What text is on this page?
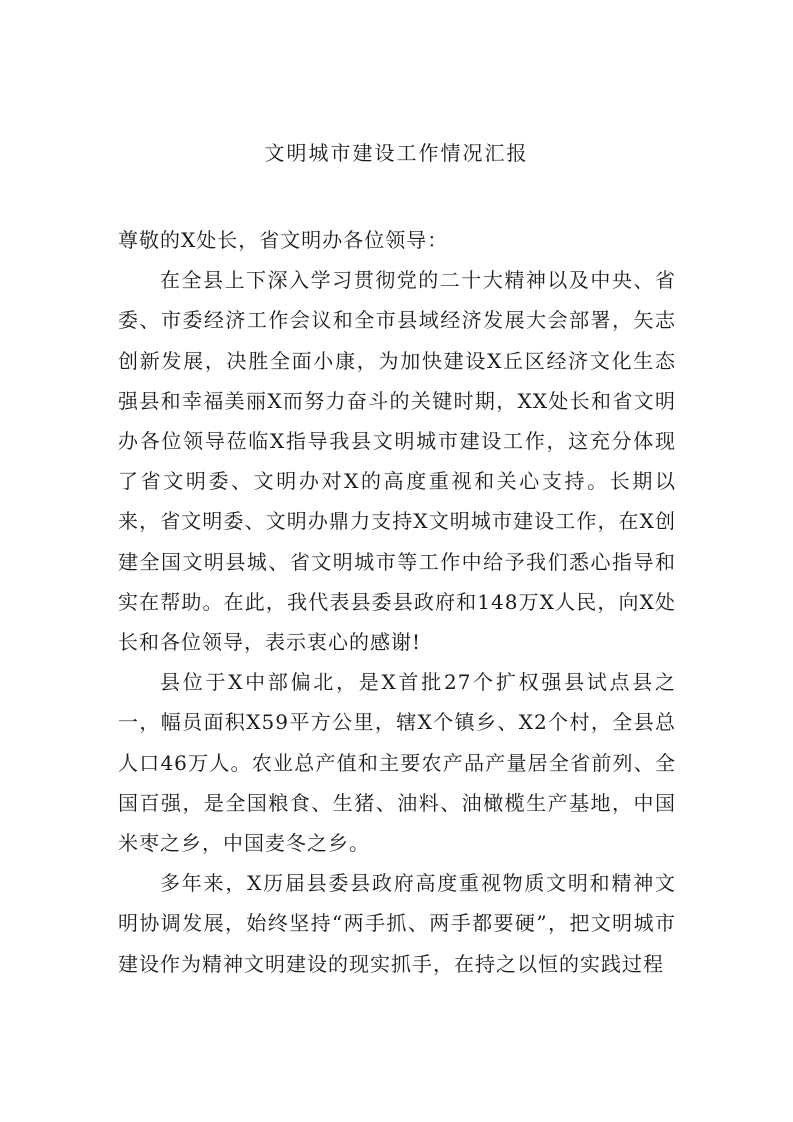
文明城市建设工作情况汇报

尊敬的X处长，省文明办各位领导：

在全县上下深入学习贯彻党的二十大精神以及中央、省委、市委经济工作会议和全市县域经济发展大会部署，矢志创新发展，决胜全面小康，为加快建设X丘区经济文化生态强县和幸福美丽X而努力奋斗的关键时期，XX处长和省文明办各位领导莅临X指导我县文明城市建设工作，这充分体现了省文明委、文明办对X的高度重视和关心支持。长期以来，省文明委、文明办鼎力支持X文明城市建设工作，在X创建全国文明县城、省文明城市等工作中给予我们悉心指导和实在帮助。在此，我代表县委县政府和148万X人民，向X处长和各位领导，表示衷心的感谢!

县位于X中部偏北，是X首批27个扩权强县试点县之一，幅员面积X59平方公里，辖X个镇乡、X2个村，全县总人口46万人。农业总产值和主要农产品产量居全省前列、全国百强，是全国粮食、生猪、油料、油橄榄生产基地，中国米枣之乡，中国麦冬之乡。

多年来，X历届县委县政府高度重视物质文明和精神文明协调发展，始终坚持“两手抓、两手都要硬”，把文明城市建设作为精神文明建设的现实抓手，在持之以恒的实践过程
